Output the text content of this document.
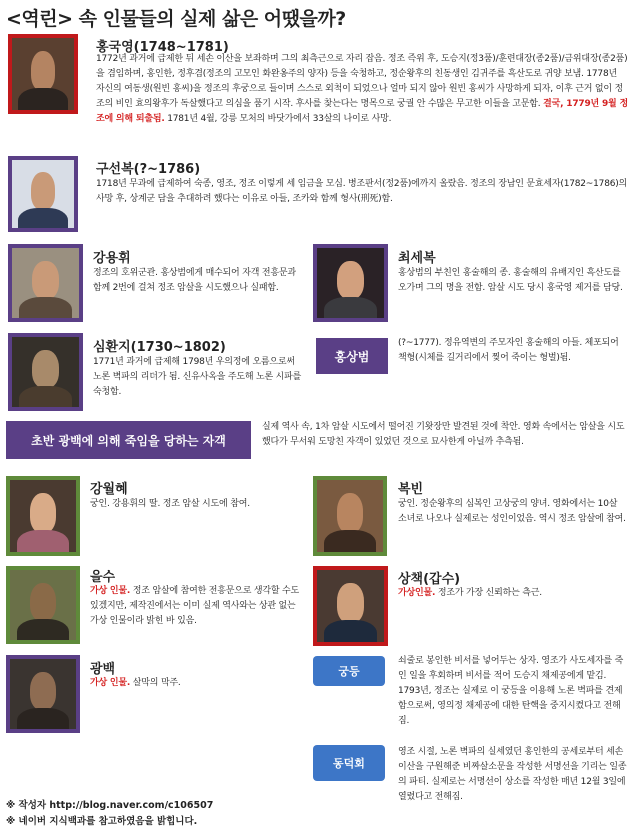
<역린> 속 인물들의 실제 삶은 어땠을까?
홍국영(1748~1781)
1772년 과거에 급제한 뒤 세손 이산을 보좌하며 그의 최측근으로 자리 잡음. 정조 즉위 후, 도승지(정3품)/훈련대장(종2품)/금위대장(종2품)을 겸임하며, 홍인한, 정후겸(정조의 고모인 화완옹주의 양자) 등을 숙청하고, 정순왕후의 친동생인 김귀주를 흑산도로 귀양 보냄. 1778년 자신의 여동생(원빈 홍씨)을 정조의 후궁으로 들이며 스스로 외척이 되었으나 얼마 되지 않아 원빈 홍씨가 사망하게 되자, 이후 근거 없이 정조의 비인 효의왕후가 독살했다고 의심을 품기 시작. 후사를 찾는다는 명목으로 궁궐 안 수많은 무고한 이들을 고문함. 결국, 1779년 9월 정조에 의해 퇴출됨. 1781년 4월, 강릉 모처의 바닷가에서 33살의 나이로 사망.
구선복(?~1786)
1718년 무과에 급제하여 숙종, 영조, 정조 이렇게 세 임금을 모심. 병조판서(정2품)에까지 올랐음. 정조의 장남인 문효세자(1782~1786)의 사망 후, 상계군 담을 추대하려 했다는 이유로 아들, 조카와 함께 형사(刑死)함.
강용휘
정조의 호위군관. 홍상범에게 매수되어 자객 전흥문과 함께 2번에 걸쳐 정조 암살을 시도했으나 실패함.
최세복
홍상범의 부친인 홍술해의 종. 홍술해의 유배지인 흑산도를 오가며 그의 명을 전함. 암살 시도 당시 홍국영 제거를 담당.
심환지(1730~1802)
1771년 과거에 급제해 1798년 우의정에 오름으로써 노론 벽파의 리더가 됨. 신유사옥을 주도해 노론 시파를 숙청함.
홍상범
(?~1777). 정유역변의 주모자인 홍술해의 아들. 체포되어 책형(시체를 길거리에서 찢어 죽이는 형벌)됨.
초반 광백에 의해 죽임을 당하는 자객
실제 역사 속, 1차 암살 시도에서 떨어진 기왓장만 발견된 것에 착안. 영화 속에서는 암살을 시도했다가 무서워 도망친 자객이 있었던 것으로 묘사한게 아닐까 추측됨.
강월혜
궁인. 강용휘의 딸. 정조 암살 시도에 참여.
복빈
궁인. 정순왕후의 심복인 고상궁의 양녀. 영화에서는 10살 소녀로 나오나 실제로는 성인이었음. 역시 정조 암살에 참여.
을수
가상 인물. 정조 암살에 참여한 전흥문으로 생각할 수도 있겠지만, 제작진에서는 이미 실제 역사와는 상관 없는 가상 인물이라 밝힌 바 있음.
상책(갑수)
가상인물. 정조가 가장 신뢰하는 측근.
광백
가상 인물. 살막의 막주.
궁등
쇠줄로 봉인한 비서를 넣어두는 상자. 영조가 사도세자를 죽인 일을 후회하며 비서를 적어 도승지 채제공에게 맡김. 1793년, 정조는 실제로 이 궁등을 이용해 노론 벽파를 견제함으로써, 영의정 채제공에 대한 탄핵을 중지시켰다고 전해짐.
동덕회
영조 시절, 노론 벽파의 실세였던 홍인한의 공세로부터 세손 이산을 구원해준 비짜살소문을 작성한 서명선을 기리는 일종의 파티. 실제로는 서명선이 상소를 작성한 매년 12월 3일에 열렸다고 전해짐.
※ 작성자 http://blog.naver.com/c106507
※ 네이버 지식백과를 참고하였음을 밝힙니다.
